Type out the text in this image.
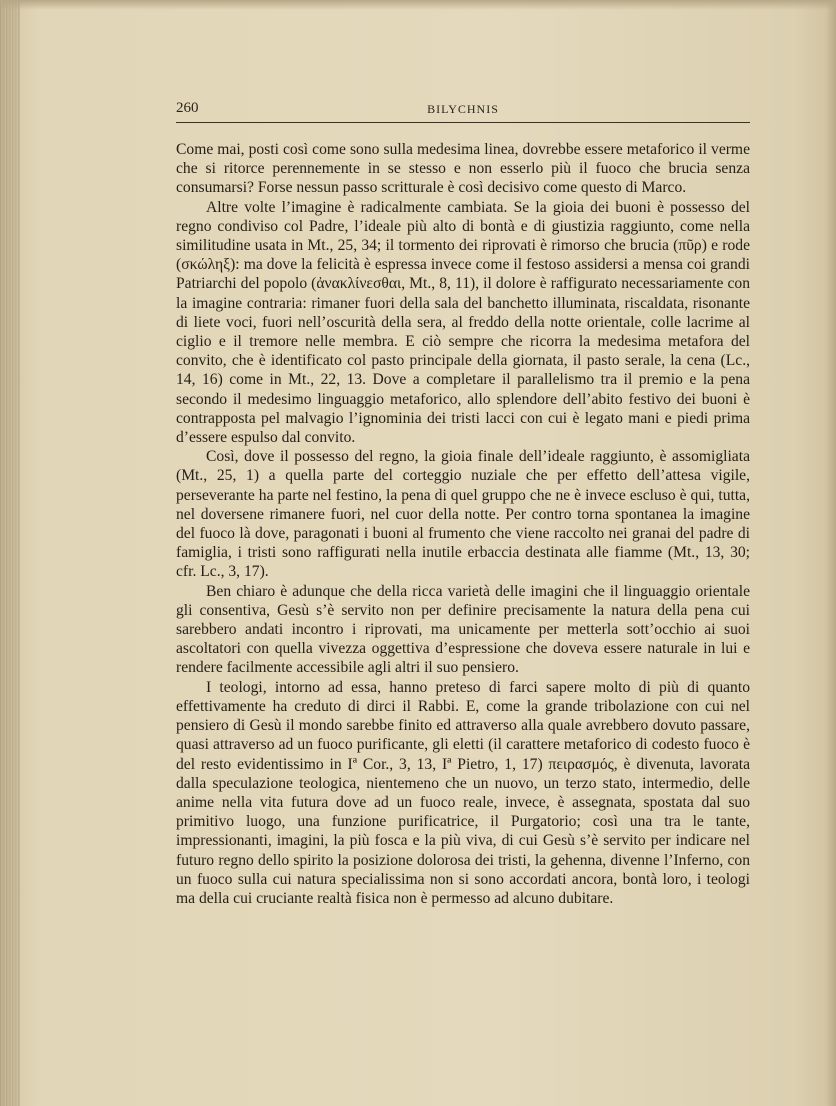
260	BILYCHNIS

Come mai, posti così come sono sulla medesima linea, dovrebbe essere metaforico il verme che si ritorce perennemente in se stesso e non esserlo più il fuoco che brucia senza consumarsi? Forse nessun passo scritturale è così decisivo come questo di Marco.

Altre volte l’imagine è radicalmente cambiata. Se la gioia dei buoni è possesso del regno condiviso col Padre, l’ideale più alto di bontà e di giustizia raggiunto, come nella similitudine usata in Mt., 25, 34; il tormento dei riprovati è rimorso che brucia (πῦρ) e rode (σκώληξ): ma dove la felicità è espressa invece come il festoso assidersi a mensa coi grandi Patriarchi del popolo (ἀνακλίνεσθαι, Mt., 8, 11), il dolore è raffigurato necessariamente con la imagine contraria: rimaner fuori della sala del banchetto illuminata, riscaldata, risonante di liete voci, fuori nell’oscurità della sera, al freddo della notte orientale, colle lacrime al ciglio e il tremore nelle membra. E ciò sempre che ricorra la medesima metafora del convito, che è identificato col pasto principale della giornata, il pasto serale, la cena (Lc., 14, 16) come in Mt., 22, 13. Dove a completare il parallelismo tra il premio e la pena secondo il medesimo linguaggio metaforico, allo splendore dell’abito festivo dei buoni è contrapposta pel malvagio l’ignominia dei tristi lacci con cui è legato mani e piedi prima d’essere espulso dal convito.

Così, dove il possesso del regno, la gioia finale dell’ideale raggiunto, è assomigliata (Mt., 25, 1) a quella parte del corteggio nuziale che per effetto dell’attesa vigile, perseverante ha parte nel festino, la pena di quel gruppo che ne è invece escluso è qui, tutta, nel doversene rimanere fuori, nel cuor della notte. Per contro torna spontanea la imagine del fuoco là dove, paragonati i buoni al frumento che viene raccolto nei granai del padre di famiglia, i tristi sono raffigurati nella inutile erbaccia destinata alle fiamme (Mt., 13, 30; cfr. Lc., 3, 17).

Ben chiaro è adunque che della ricca varietà delle imagini che il linguaggio orientale gli consentiva, Gesù s’è servito non per definire precisamente la natura della pena cui sarebbero andati incontro i riprovati, ma unicamente per metterla sott’occhio ai suoi ascoltatori con quella vivezza oggettiva d’espressione che doveva essere naturale in lui e rendere facilmente accessibile agli altri il suo pensiero.

I teologi, intorno ad essa, hanno preteso di farci sapere molto di più di quanto effettivamente ha creduto di dirci il Rabbi. E, come la grande tribolazione con cui nel pensiero di Gesù il mondo sarebbe finito ed attraverso alla quale avrebbero dovuto passare, quasi attraverso ad un fuoco purificante, gli eletti (il carattere metaforico di codesto fuoco è del resto evidentissimo in Iª Cor., 3, 13, Iª Pietro, 1, 17) πειρασμός, è divenuta, lavorata dalla speculazione teologica, nientemeno che un nuovo, un terzo stato, intermedio, delle anime nella vita futura dove ad un fuoco reale, invece, è assegnata, spostata dal suo primitivo luogo, una funzione purificatrice, il Purgatorio; così una tra le tante, impressionanti, imagini, la più fosca e la più viva, di cui Gesù s’è servito per indicare nel futuro regno dello spirito la posizione dolorosa dei tristi, la gehenna, divenne l’Inferno, con un fuoco sulla cui natura specialissima non si sono accordati ancora, bontà loro, i teologi ma della cui cruciante realtà fisica non è permesso ad alcuno dubitare.
